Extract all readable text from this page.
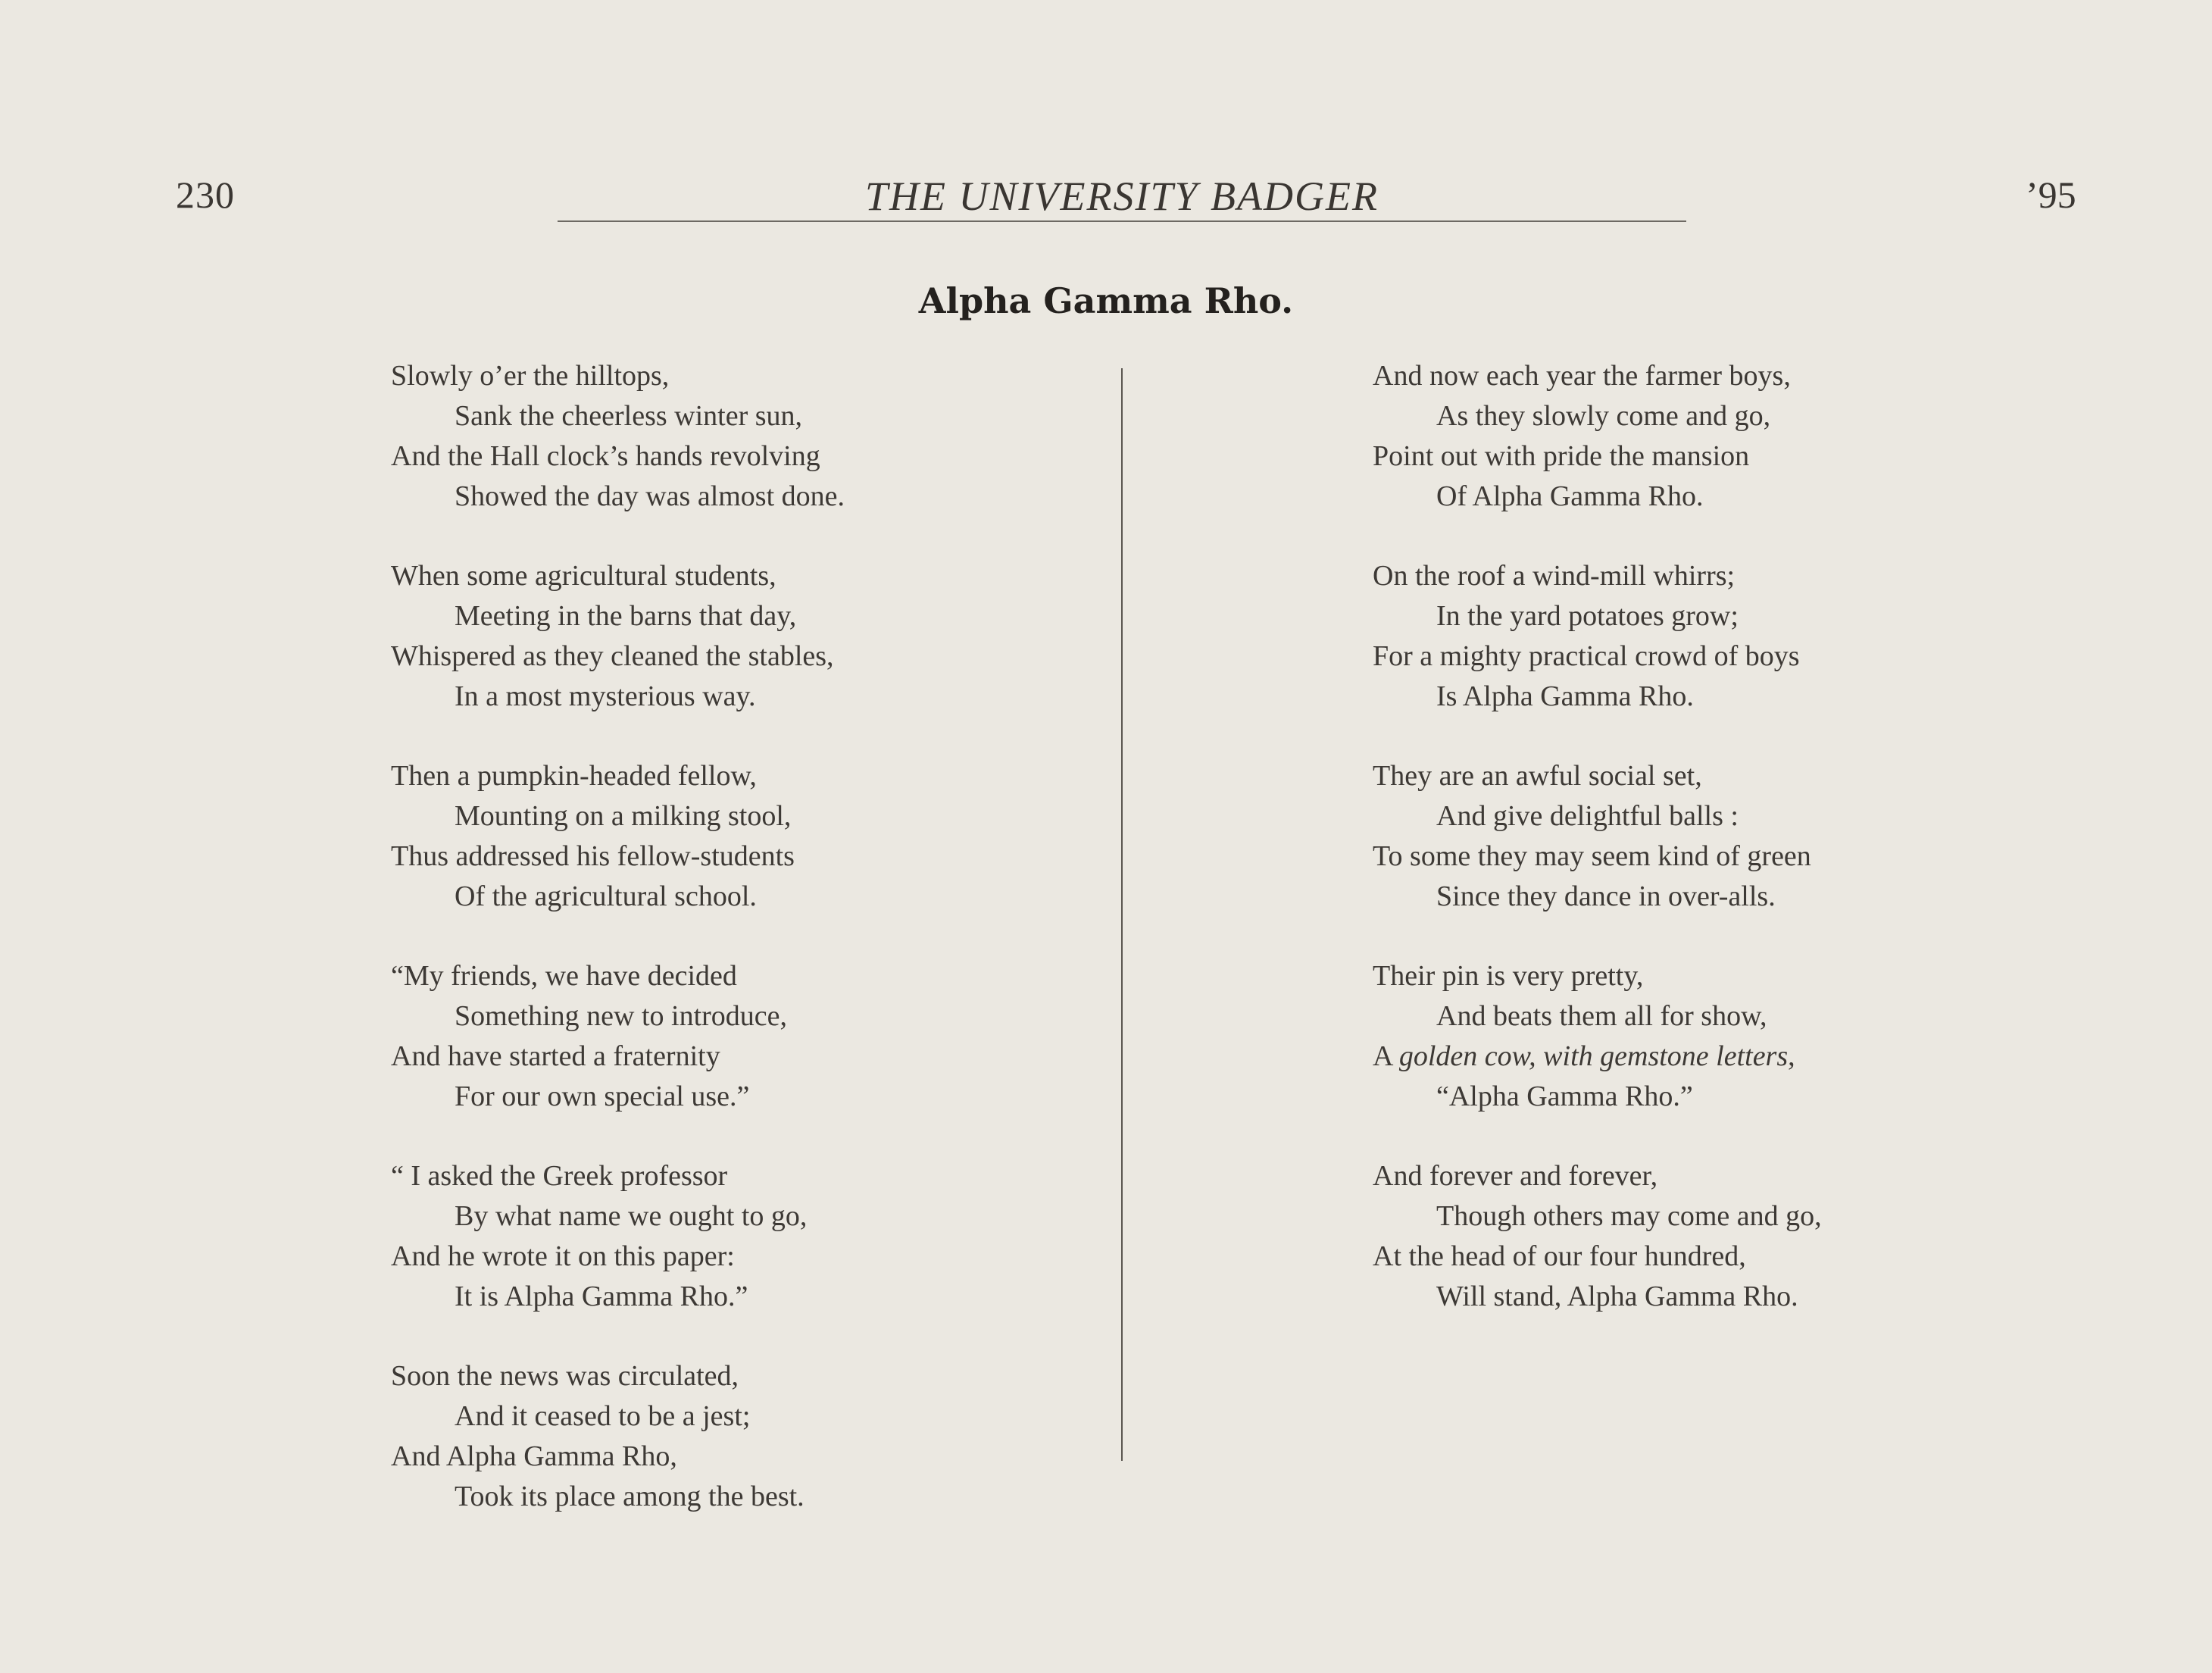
230	THE UNIVERSITY BADGER	’95
Alpha Gamma Rho.
Slowly o’er the hilltops,
Sank the cheerless winter sun,
And the Hall clock’s hands revolving
Showed the day was almost done.
When some agricultural students,
Meeting in the barns that day,
Whispered as they cleaned the stables,
In a most mysterious way.
Then a pumpkin-headed fellow,
Mounting on a milking stool,
Thus addressed his fellow-students
Of the agricultural school.
“My friends, we have decided
Something new to introduce,
And have started a fraternity
For our own special use.”
“ I asked the Greek professor
By what name we ought to go,
And he wrote it on this paper:
It is Alpha Gamma Rho.”
Soon the news was circulated,
And it ceased to be a jest;
And Alpha Gamma Rho,
Took its place among the best.
And now each year the farmer boys,
As they slowly come and go,
Point out with pride the mansion
Of Alpha Gamma Rho.
On the roof a wind-mill whirrs;
In the yard potatoes grow;
For a mighty practical crowd of boys
Is Alpha Gamma Rho.
They are an awful social set,
And give delightful balls :
To some they may seem kind of green
Since they dance in over-alls.
Their pin is very pretty,
And beats them all for show,
A golden cow, with gemstone letters,
“Alpha Gamma Rho.”
And forever and forever,
Though others may come and go,
At the head of our four hundred,
Will stand, Alpha Gamma Rho.
